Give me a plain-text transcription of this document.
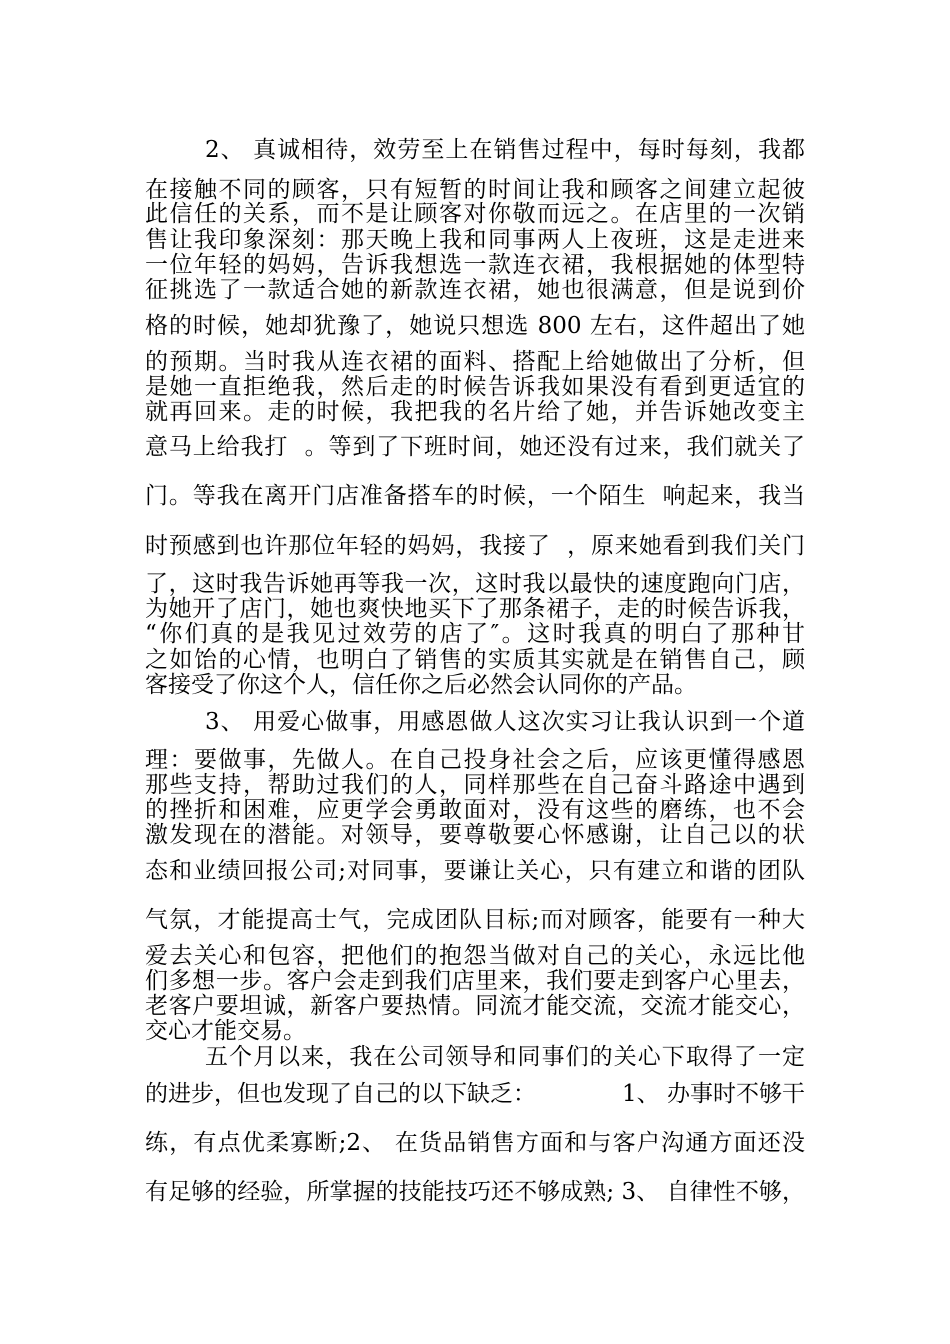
2、 真诚相待，效劳至上在销售过程中，每时每刻，我都
在接触不同的顾客，只有短暂的时间让我和顾客之间建立起彼
此信任的关系，而不是让顾客对你敬而远之。在店里的一次销
售让我印象深刻：那天晚上我和同事两人上夜班，这是走进来
一位年轻的妈妈，告诉我想选一款连衣裙，我根据她的体型特
征挑选了一款适合她的新款连衣裙，她也很满意，但是说到价
格的时候，她却犹豫了，她说只想选 800 左右，这件超出了她
的预期。当时我从连衣裙的面料、搭配上给她做出了分析，但
是她一直拒绝我，然后走的时候告诉我如果没有看到更适宜的
就再回来。走的时候，我把我的名片给了她，并告诉她改变主
意马上给我打  。等到了下班时间，她还没有过来，我们就关了
门。等我在离开门店准备搭车的时候，一个陌生  响起来，我当
时预感到也许那位年轻的妈妈，我接了  ，原来她看到我们关门
了，这时我告诉她再等我一次，这时我以最快的速度跑向门店，
为她开了店门，她也爽快地买下了那条裙子，走的时候告诉我，
“你们真的是我见过效劳的店了″。这时我真的明白了那种甘
之如饴的心情，也明白了销售的实质其实就是在销售自己，顾
客接受了你这个人，信任你之后必然会认同你的产品。
3、 用爱心做事，用感恩做人这次实习让我认识到一个道
理：要做事，先做人。在自己投身社会之后，应该更懂得感恩
那些支持，帮助过我们的人，同样那些在自己奋斗路途中遇到
的挫折和困难，应更学会勇敢面对，没有这些的磨练，也不会
激发现在的潜能。对领导，要尊敬要心怀感谢，让自己以的状
态和业绩回报公司;对同事，要谦让关心，只有建立和谐的团队
气氛，才能提高士气，完成团队目标;而对顾客，能要有一种大
爱去关心和包容，把他们的抱怨当做对自己的关心，永远比他
们多想一步。客户会走到我们店里来，我们要走到客户心里去，
老客户要坦诚，新客户要热情。同流才能交流，交流才能交心，
交心才能交易。
五个月以来，我在公司领导和同事们的关心下取得了一定
的进步，但也发现了自己的以下缺乏：	1、 办事时不够干
练，有点优柔寡断;2、 在货品销售方面和与客户沟通方面还没
有足够的经验，所掌握的技能技巧还不够成熟; 3、 自律性不够，
